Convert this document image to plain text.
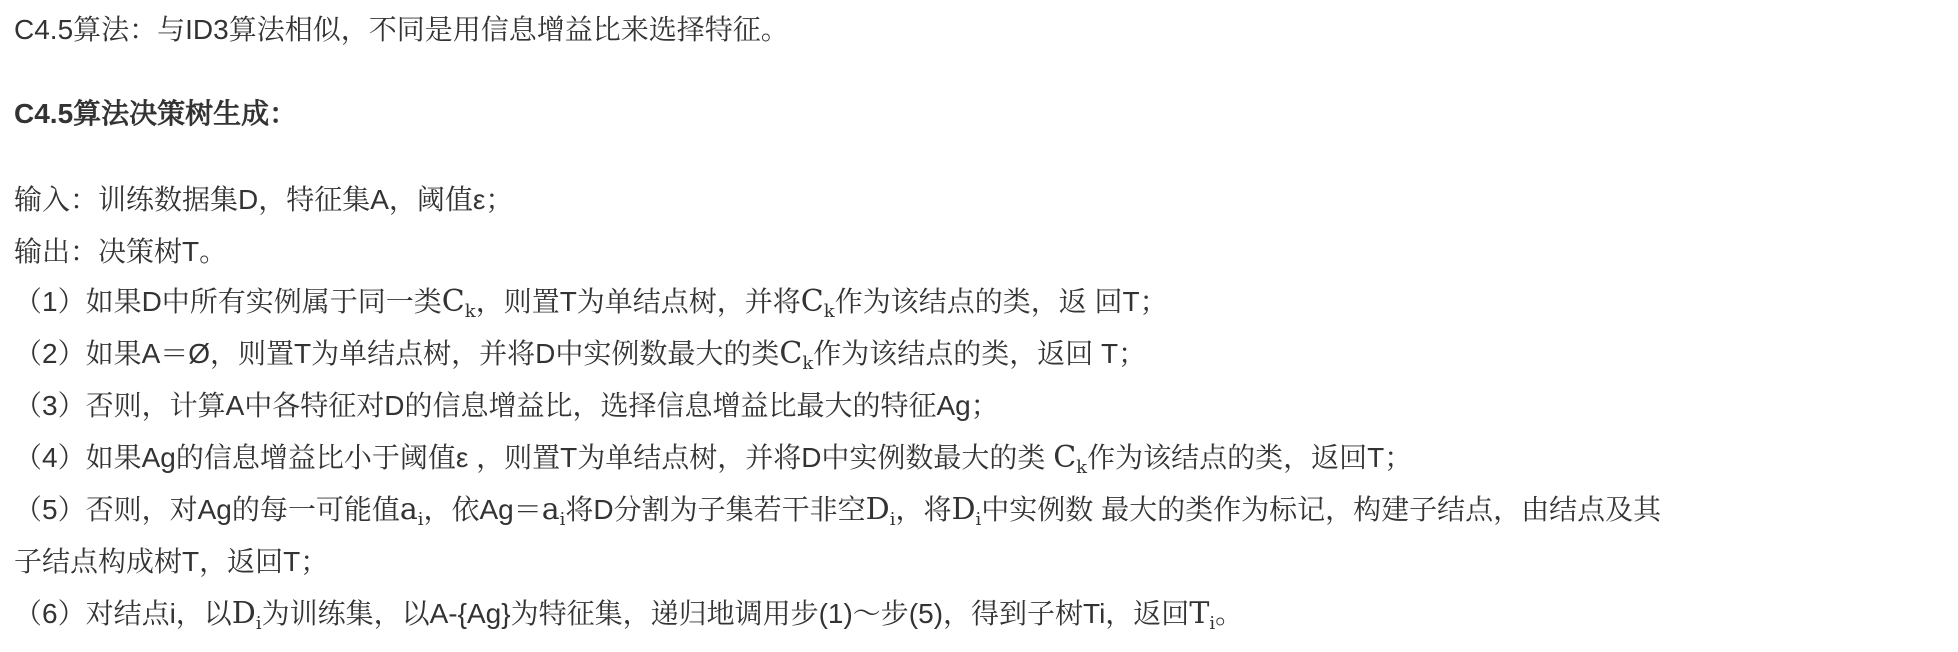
C4.5算法：与ID3算法相似，不同是用信息增益比来选择特征。
C4.5算法决策树生成：
输入：训练数据集D，特征集A，阈值ε；
输出：决策树T。
（1）如果D中所有实例属于同一类$C_k$，则置T为单结点树，并将$C_k$作为该结点的类，返 回T；
（2）如果A＝Ø，则置T为单结点树，并将D中实例数最大的类$C_k$作为该结点的类，返回 T；
（3）否则，计算A中各特征对D的信息增益比，选择信息增益比最大的特征Ag；
（4）如果Ag的信息增益比小于阈值ε ，则置T为单结点树，并将D中实例数最大的类 $C_k$作为该结点的类，返回T；
（5）否则，对Ag的每一可能值$a_i$，依$Ag=a_i$将D分割为子集若干非空$D_i$，将$D_i$中实例数 最大的类作为标记，构建子结点，由结点及其
子结点构成树T，返回T；
（6）对结点i，以$D_i$为训练集，以A-{Ag}为特征集，递归地调用步(1)～步(5)，得到子树Ti，返回$T_i$。
